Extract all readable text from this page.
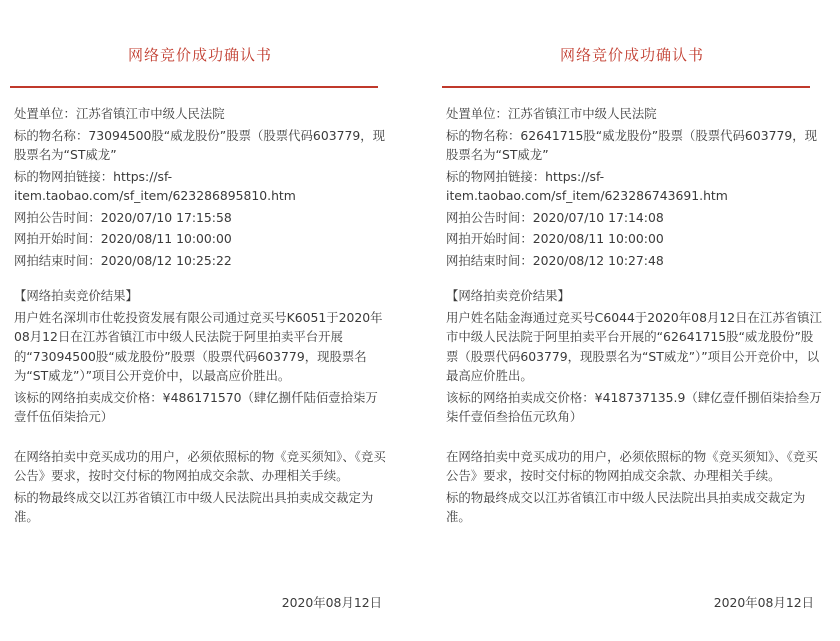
网络竞价成功确认书

处置单位：江苏省镇江市中级人民法院

标的物名称：73094500股“威龙股份”股票（股票代码603779，现股票名为“ST威龙”

标的物网拍链接：https://sf-item.taobao.com/sf_item/623286895810.htm

网拍公告时间：2020/07/10 17:15:58

网拍开始时间：2020/08/11 10:00:00

网拍结束时间：2020/08/12 10:25:22

【网络拍卖竞价结果】

用户姓名深圳市仕乾投资发展有限公司通过竞买号K6051于2020年08月12日在江苏省镇江市中级人民法院于阿里拍卖平台开展的“73094500股“威龙股份”股票（股票代码603779，现股票名为“ST威龙”）”项目公开竞价中，以最高应价胜出。

该标的网络拍卖成交价格：¥486171570（肆亿捌仟陆佰壹拾柒万壹仟伍佰柒拾元）

在网络拍卖中竞买成功的用户，必须依照标的物《竞买须知》、《竞买公告》要求，按时交付标的物网拍成交余款、办理相关手续。

标的物最终成交以江苏省镇江市中级人民法院出具拍卖成交裁定为准。

2020年08月12日
网络竞价成功确认书

处置单位：江苏省镇江市中级人民法院

标的物名称：62641715股“威龙股份”股票（股票代码603779，现股票名为“ST威龙”

标的物网拍链接：https://sf-item.taobao.com/sf_item/623286743691.htm

网拍公告时间：2020/07/10 17:14:08

网拍开始时间：2020/08/11 10:00:00

网拍结束时间：2020/08/12 10:27:48

【网络拍卖竞价结果】

用户姓名陆金海通过竞买号C6044于2020年08月12日在江苏省镇江市中级人民法院于阿里拍卖平台开展的“62641715股“威龙股份”股票（股票代码603779，现股票名为“ST威龙”）”项目公开竞价中，以最高应价胜出。

该标的网络拍卖成交价格：¥418737135.9（肆亿壹仟捌佰柒拾叁万柒仟壹佰叁拾伍元玖角）

在网络拍卖中竞买成功的用户，必须依照标的物《竞买须知》、《竞买公告》要求，按时交付标的物网拍成交余款、办理相关手续。

标的物最终成交以江苏省镇江市中级人民法院出具拍卖成交裁定为准。

2020年08月12日
